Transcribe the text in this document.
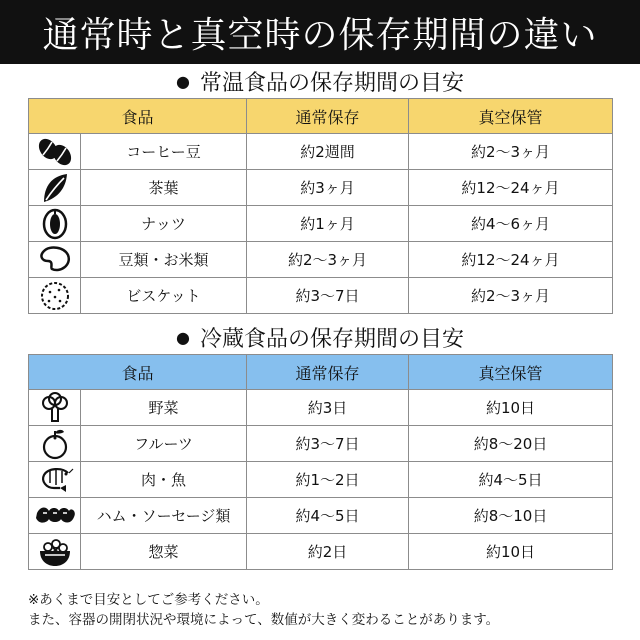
通常時と真空時の保存期間の違い
● 常温食品の保存期間の目安
食品		通常保存	真空保管

	コーヒー豆	約2週間	約2～3ヶ月

	茶葉	約3ヶ月	約12～24ヶ月

	ナッツ	約1ヶ月	約4～6ヶ月

	豆類・お米類	約2～3ヶ月	約12～24ヶ月

	ビスケット	約3～7日	約2～3ヶ月
● 冷蔵食品の保存期間の目安
食品		通常保存	真空保管

	野菜	約3日	約10日

	フルーツ	約3～7日	約8～20日

	肉・魚	約1～2日	約4～5日

	ハム・ソーセージ類	約4～5日	約8～10日

	惣菜	約2日	約10日
※あくまで目安としてご参考ください。
また、容器の開閉状況や環境によって、数値が大きく変わることがあります。
